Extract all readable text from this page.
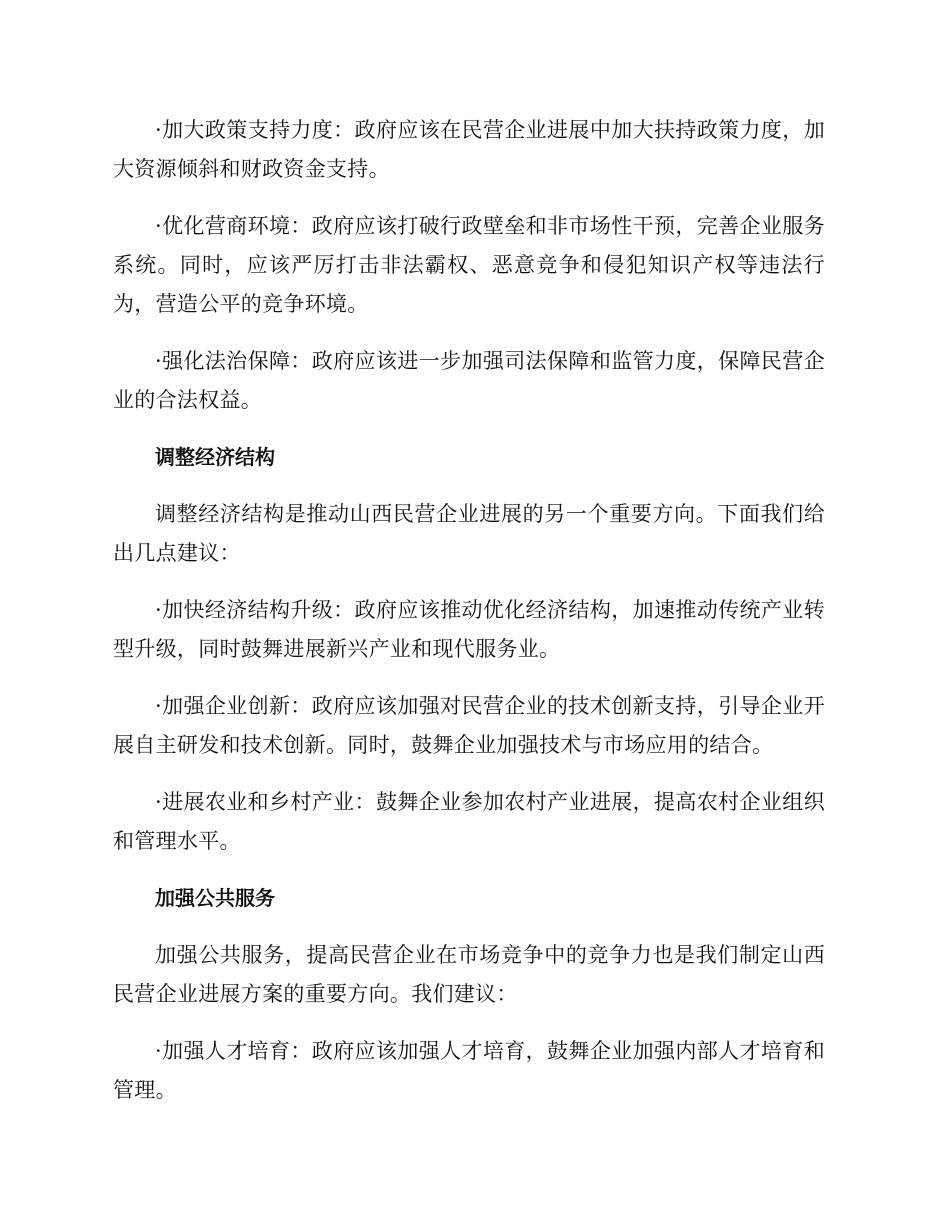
·加大政策支持力度：政府应该在民营企业进展中加大扶持政策力度，加大资源倾斜和财政资金支持。

·优化营商环境：政府应该打破行政壁垒和非市场性干预，完善企业服务系统。同时，应该严厉打击非法霸权、恶意竞争和侵犯知识产权等违法行为，营造公平的竞争环境。

·强化法治保障：政府应该进一步加强司法保障和监管力度，保障民营企业的合法权益。

调整经济结构

调整经济结构是推动山西民营企业进展的另一个重要方向。下面我们给出几点建议：

·加快经济结构升级：政府应该推动优化经济结构，加速推动传统产业转型升级，同时鼓舞进展新兴产业和现代服务业。

·加强企业创新：政府应该加强对民营企业的技术创新支持，引导企业开展自主研发和技术创新。同时，鼓舞企业加强技术与市场应用的结合。

·进展农业和乡村产业：鼓舞企业参加农村产业进展，提高农村企业组织和管理水平。

加强公共服务

加强公共服务，提高民营企业在市场竞争中的竞争力也是我们制定山西民营企业进展方案的重要方向。我们建议：

·加强人才培育：政府应该加强人才培育，鼓舞企业加强内部人才培育和管理。
